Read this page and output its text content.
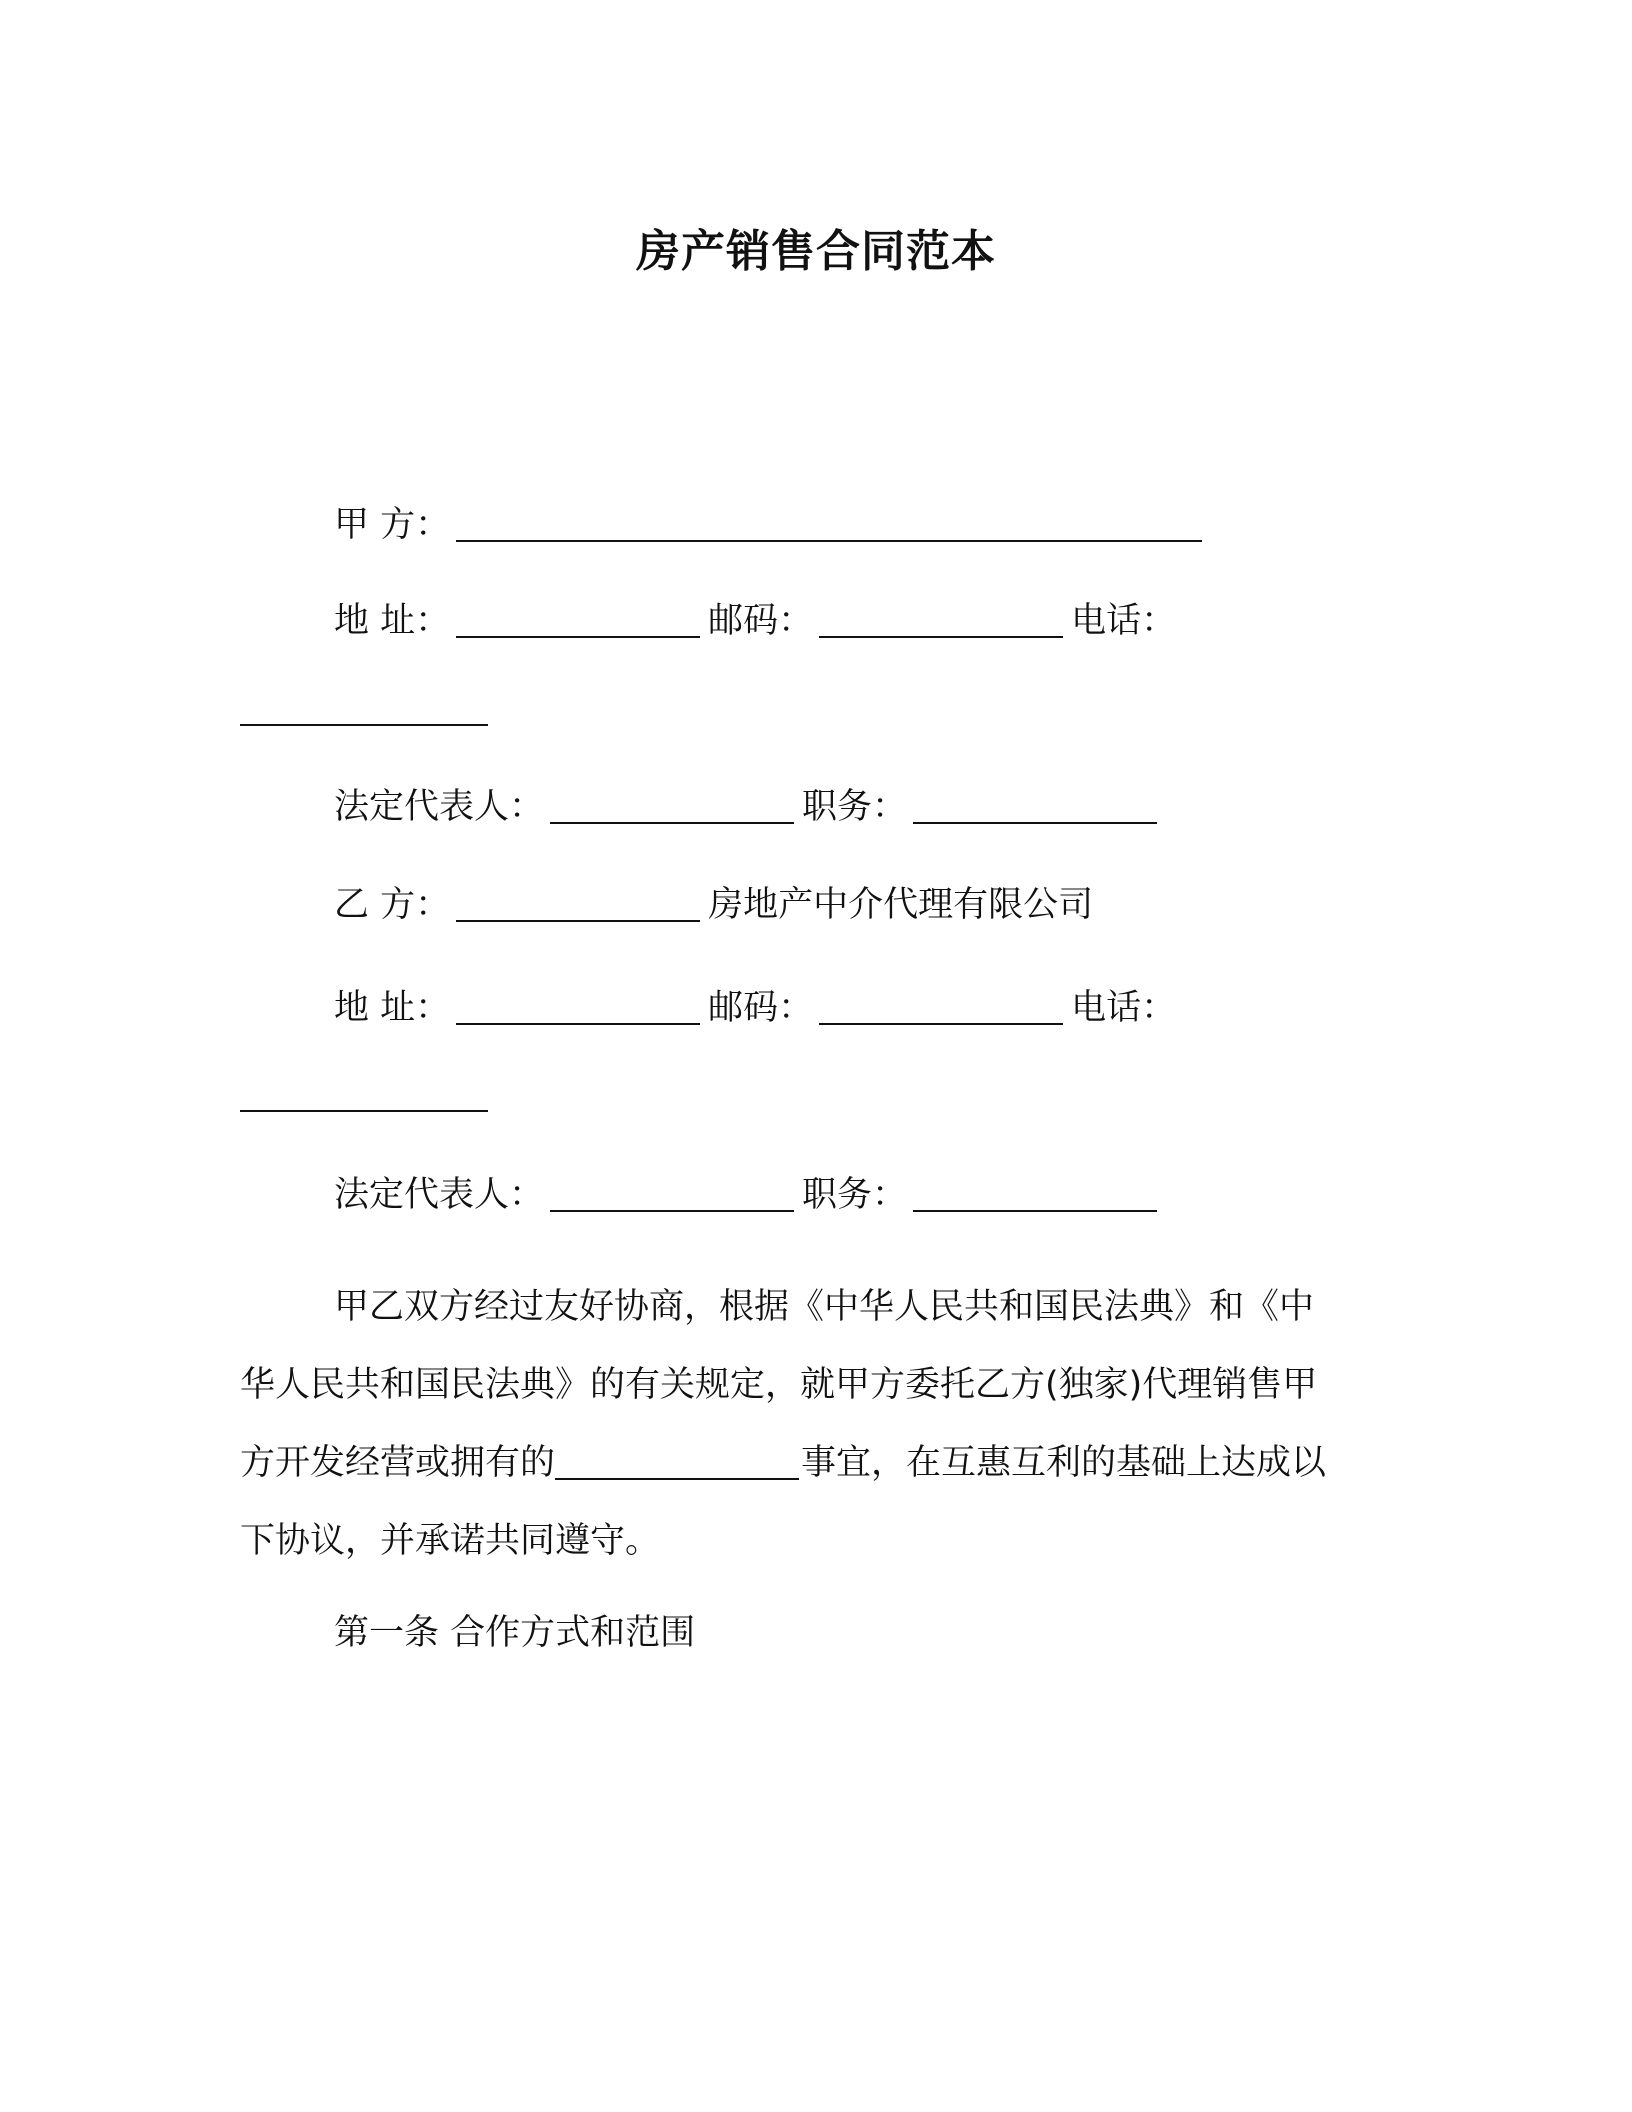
房产销售合同范本
甲 方：
地 址：	邮码：	电话：
法定代表人：	职务：
乙 方：	房地产中介代理有限公司
地 址：	邮码：	电话：
法定代表人：	职务：
甲乙双方经过友好协商，根据《中华人民共和国民法典》和《中
华人民共和国民法典》的有关规定，就甲方委托乙方(独家)代理销售甲
方开发经营或拥有的	事宜，在互惠互利的基础上达成以
下协议，并承诺共同遵守。
第一条 合作方式和范围
